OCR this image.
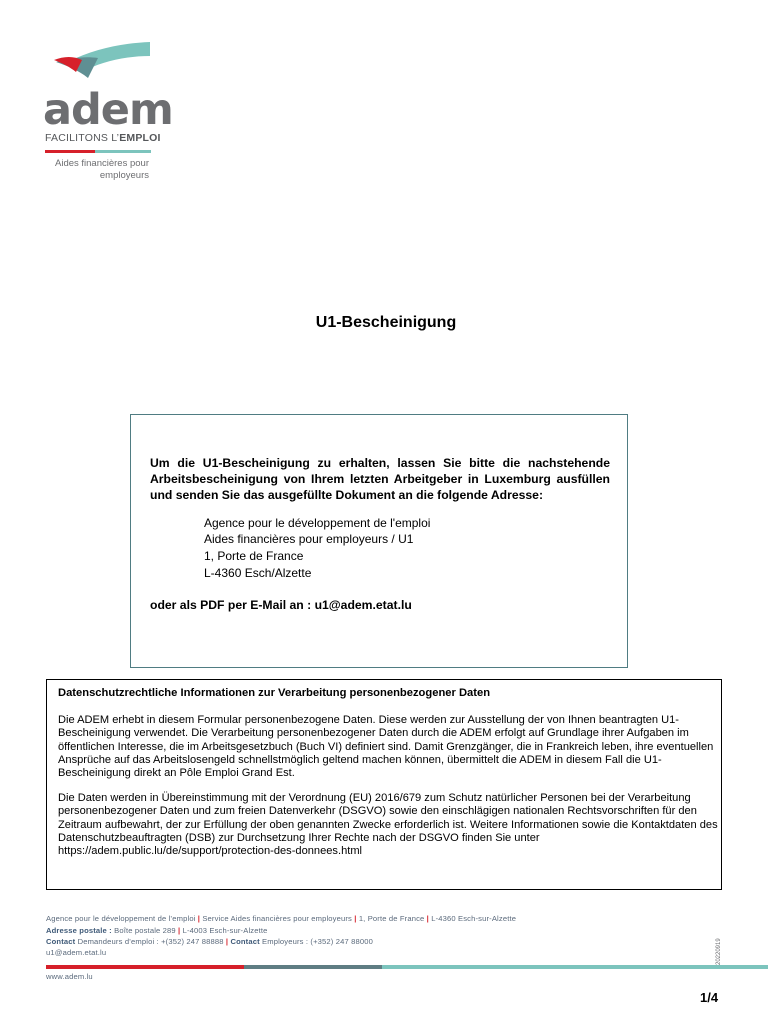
adem
FACILITONS L’EMPLOI
Aides financières pour
employeurs
U1-Bescheinigung
Um die U1-Bescheinigung zu erhalten, lassen Sie bitte die nachstehende Arbeitsbescheinigung von Ihrem letzten Arbeitgeber in Luxemburg ausfüllen und senden Sie das ausgefüllte Dokument an die folgende Adresse:
Agence pour le développement de l'emploi
Aides financières pour employeurs / U1
1, Porte de France
L-4360 Esch/Alzette
oder als PDF per E-Mail an : u1@adem.etat.lu
Datenschutzrechtliche Informationen zur Verarbeitung personenbezogener Daten

Die ADEM erhebt in diesem Formular personenbezogene Daten. Diese werden zur Ausstellung der von Ihnen beantragten U1-Bescheinigung verwendet. Die Verarbeitung personenbezogener Daten durch die ADEM erfolgt auf Grundlage ihrer Aufgaben im öffentlichen Interesse, die im Arbeitsgesetzbuch (Buch VI) definiert sind. Damit Grenzgänger, die in Frankreich leben, ihre eventuellen Ansprüche auf das Arbeitslosengeld schnellstmöglich geltend machen können, übermittelt die ADEM in diesem Fall die U1-Bescheinigung direkt an Pôle Emploi Grand Est.

Die Daten werden in Übereinstimmung mit der Verordnung (EU) 2016/679 zum Schutz natürlicher Personen bei der Verarbeitung personenbezogener Daten und zum freien Datenverkehr (DSGVO) sowie den einschlägigen nationalen Rechtsvorschriften für den Zeitraum aufbewahrt, der zur Erfüllung der oben genannten Zwecke erforderlich ist. Weitere Informationen sowie die Kontaktdaten des Datenschutzbeauftragten (DSB) zur Durchsetzung Ihrer Rechte nach der DSGVO finden Sie unter https://adem.public.lu/de/support/protection-des-donnees.html

Agence pour le développement de l’emploi | Service Aides financières pour employeurs | 1, Porte de France | L-4360 Esch-sur-Alzette
Adresse postale : Boîte postale 289 | L-4003 Esch-sur-Alzette
Contact Demandeurs d’emploi : +(352) 247 88888 | Contact Employeurs : (+352) 247 88000
u1@adem.etat.lu	20220919
www.adem.lu
1/4
